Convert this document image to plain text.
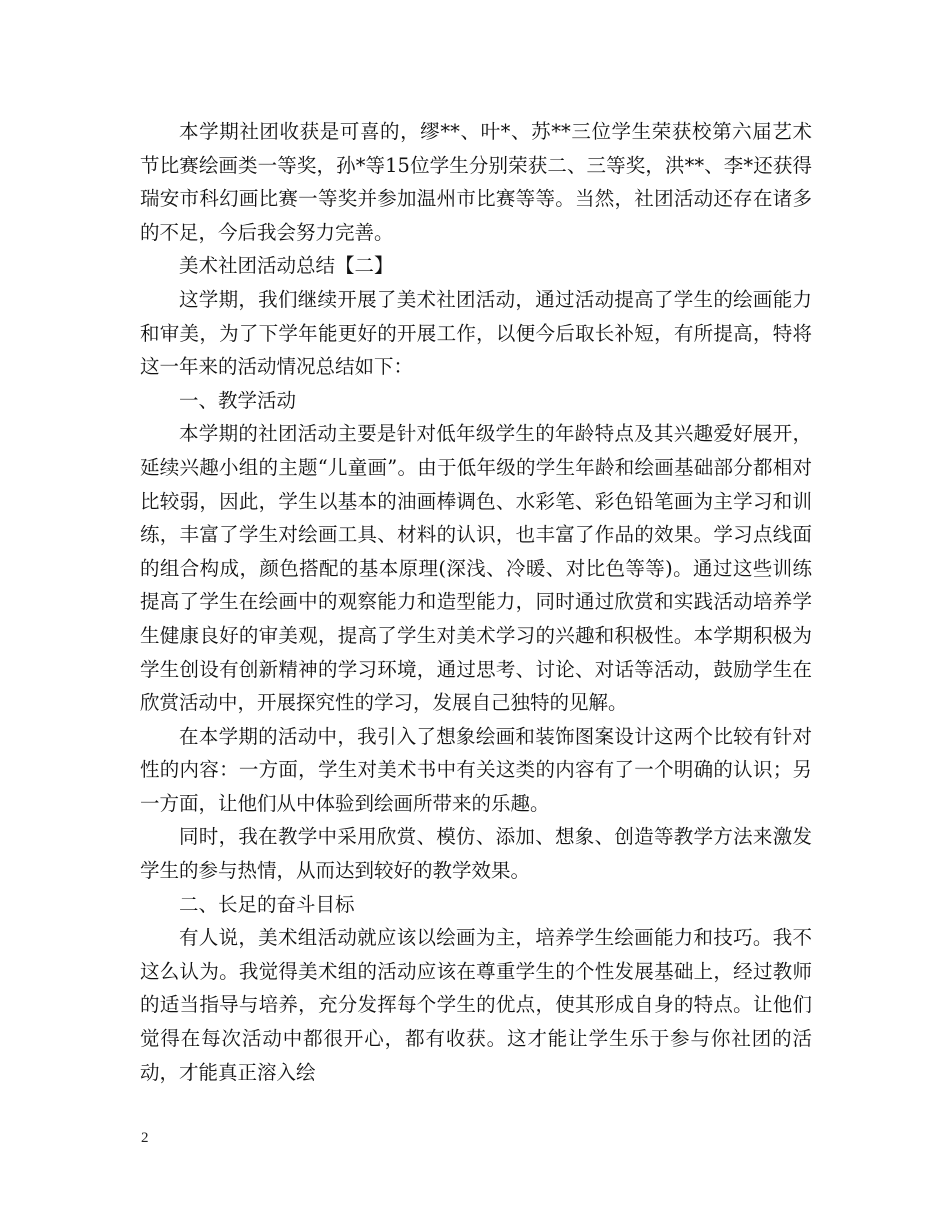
本学期社团收获是可喜的，缪**、叶*、苏**三位学生荣获校第六届艺术节比赛绘画类一等奖，孙*等15位学生分别荣获二、三等奖，洪**、李*还获得瑞安市科幻画比赛一等奖并参加温州市比赛等等。当然，社团活动还存在诸多的不足，今后我会努力完善。

美术社团活动总结【二】

这学期，我们继续开展了美术社团活动，通过活动提高了学生的绘画能力和审美，为了下学年能更好的开展工作，以便今后取长补短，有所提高，特将这一年来的活动情况总结如下：

一、教学活动

本学期的社团活动主要是针对低年级学生的年龄特点及其兴趣爱好展开，延续兴趣小组的主题“儿童画”。由于低年级的学生年龄和绘画基础部分都相对比较弱，因此，学生以基本的油画棒调色、水彩笔、彩色铅笔画为主学习和训练，丰富了学生对绘画工具、材料的认识，也丰富了作品的效果。学习点线面的组合构成，颜色搭配的基本原理(深浅、冷暖、对比色等等)。通过这些训练提高了学生在绘画中的观察能力和造型能力，同时通过欣赏和实践活动培养学生健康良好的审美观，提高了学生对美术学习的兴趣和积极性。本学期积极为学生创设有创新精神的学习环境，通过思考、讨论、对话等活动，鼓励学生在欣赏活动中，开展探究性的学习，发展自己独特的见解。

在本学期的活动中，我引入了想象绘画和装饰图案设计这两个比较有针对性的内容：一方面，学生对美术书中有关这类的内容有了一个明确的认识；另一方面，让他们从中体验到绘画所带来的乐趣。

同时，我在教学中采用欣赏、模仿、添加、想象、创造等教学方法来激发学生的参与热情，从而达到较好的教学效果。

二、长足的奋斗目标

有人说，美术组活动就应该以绘画为主，培养学生绘画能力和技巧。我不这么认为。我觉得美术组的活动应该在尊重学生的个性发展基础上，经过教师的适当指导与培养，充分发挥每个学生的优点，使其形成自身的特点。让他们觉得在每次活动中都很开心，都有收获。这才能让学生乐于参与你社团的活动，才能真正溶入绘

2
